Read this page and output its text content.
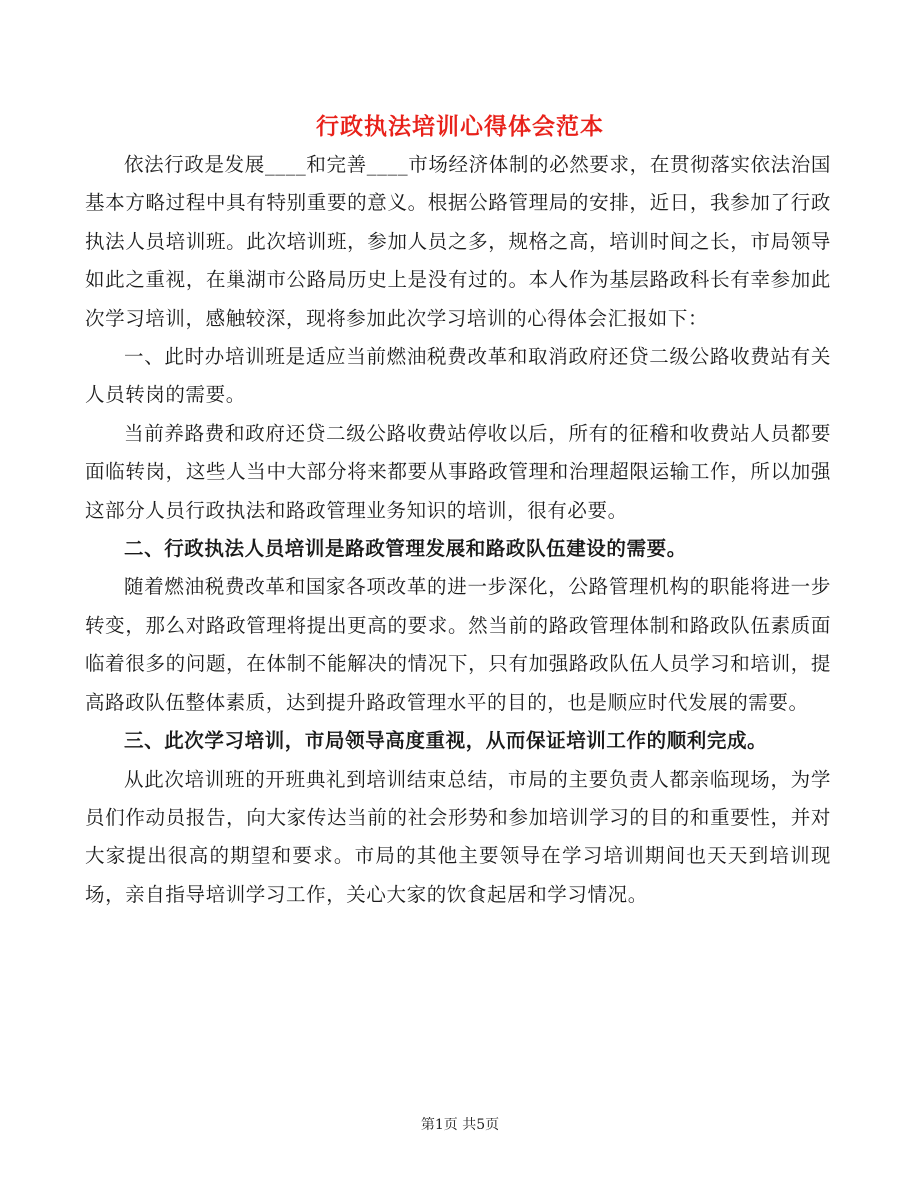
行政执法培训心得体会范本

依法行政是发展____和完善____市场经济体制的必然要求，在贯彻落实依法治国基本方略过程中具有特别重要的意义。根据公路管理局的安排，近日，我参加了行政执法人员培训班。此次培训班，参加人员之多，规格之高，培训时间之长，市局领导如此之重视，在巢湖市公路局历史上是没有过的。本人作为基层路政科长有幸参加此次学习培训，感触较深，现将参加此次学习培训的心得体会汇报如下：

一、此时办培训班是适应当前燃油税费改革和取消政府还贷二级公路收费站有关人员转岗的需要。

当前养路费和政府还贷二级公路收费站停收以后，所有的征稽和收费站人员都要面临转岗，这些人当中大部分将来都要从事路政管理和治理超限运输工作，所以加强这部分人员行政执法和路政管理业务知识的培训，很有必要。

二、行政执法人员培训是路政管理发展和路政队伍建设的需要。

随着燃油税费改革和国家各项改革的进一步深化，公路管理机构的职能将进一步转变，那么对路政管理将提出更高的要求。然当前的路政管理体制和路政队伍素质面临着很多的问题，在体制不能解决的情况下，只有加强路政队伍人员学习和培训，提高路政队伍整体素质，达到提升路政管理水平的目的，也是顺应时代发展的需要。

三、此次学习培训，市局领导高度重视，从而保证培训工作的顺利完成。

从此次培训班的开班典礼到培训结束总结，市局的主要负责人都亲临现场，为学员们作动员报告，向大家传达当前的社会形势和参加培训学习的目的和重要性，并对大家提出很高的期望和要求。市局的其他主要领导在学习培训期间也天天到培训现场，亲自指导培训学习工作，关心大家的饮食起居和学习情况。

第1页 共5页
